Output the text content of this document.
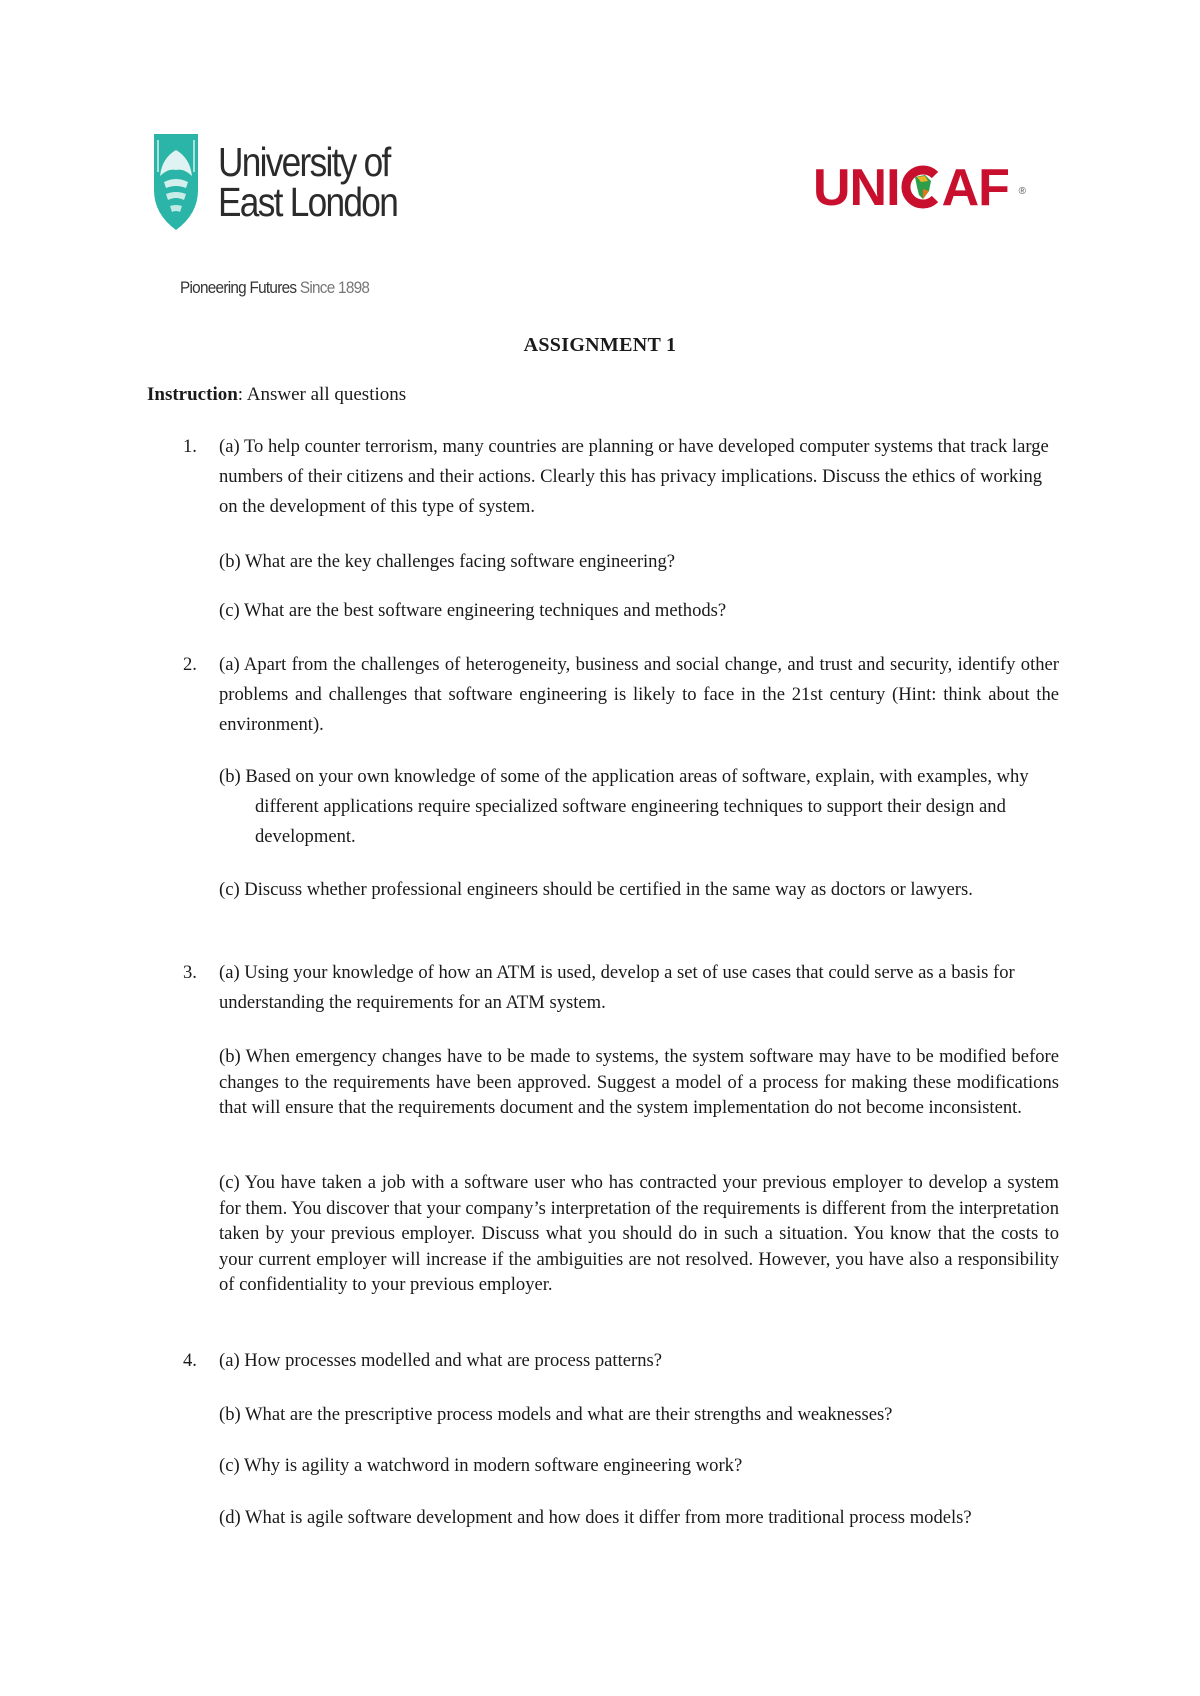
University of
East London
Pioneering Futures Since 1898
UNI AF ®
ASSIGNMENT 1
Instruction: Answer all questions
1.	(a) To help counter terrorism, many countries are planning or have developed computer systems that track large numbers of their citizens and their actions. Clearly this has privacy implications. Discuss the ethics of working on the development of this type of system.
(b) What are the key challenges facing software engineering?
(c) What are the best software engineering techniques and methods?
2.	(a) Apart from the challenges of heterogeneity, business and social change, and trust and security, identify other problems and challenges that software engineering is likely to face in the 21st century (Hint: think about the environment).
(b) Based on your own knowledge of some of the application areas of software, explain, with examples, why different applications require specialized software engineering techniques to support their design and development.
(c) Discuss whether professional engineers should be certified in the same way as doctors or lawyers.
3.	(a) Using your knowledge of how an ATM is used, develop a set of use cases that could serve as a basis for understanding the requirements for an ATM system.
(b) When emergency changes have to be made to systems, the system software may have to be modified before changes to the requirements have been approved. Suggest a model of a process for making these modifications that will ensure that the requirements document and the system implementation do not become inconsistent.
(c) You have taken a job with a software user who has contracted your previous employer to develop a system for them. You discover that your company’s interpretation of the requirements is different from the interpretation taken by your previous employer. Discuss what you should do in such a situation. You know that the costs to your current employer will increase if the ambiguities are not resolved. However, you have also a responsibility of confidentiality to your previous employer.
4.	(a) How processes modelled and what are process patterns?
(b) What are the prescriptive process models and what are their strengths and weaknesses?
(c) Why is agility a watchword in modern software engineering work?
(d) What is agile software development and how does it differ from more traditional process models?
